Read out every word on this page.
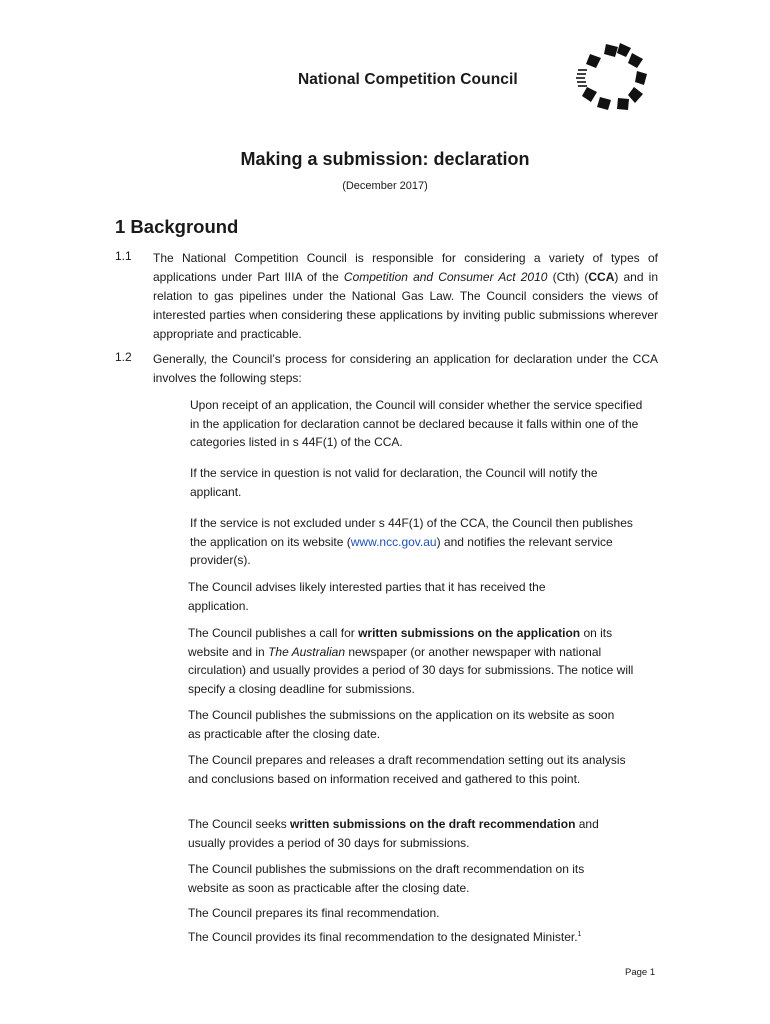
National Competition Council
Making a submission: declaration
(December 2017)
1 Background
1.1 The National Competition Council is responsible for considering a variety of types of applications under Part IIIA of the Competition and Consumer Act 2010 (Cth) (CCA) and in relation to gas pipelines under the National Gas Law. The Council considers the views of interested parties when considering these applications by inviting public submissions wherever appropriate and practicable.
1.2 Generally, the Council’s process for considering an application for declaration under the CCA involves the following steps:
Upon receipt of an application, the Council will consider whether the service specified in the application for declaration cannot be declared because it falls within one of the categories listed in s 44F(1) of the CCA.
If the service in question is not valid for declaration, the Council will notify the applicant.
If the service is not excluded under s 44F(1) of the CCA, the Council then publishes the application on its website (www.ncc.gov.au) and notifies the relevant service provider(s).
The Council advises likely interested parties that it has received the application.
The Council publishes a call for written submissions on the application on its website and in The Australian newspaper (or another newspaper with national circulation) and usually provides a period of 30 days for submissions. The notice will specify a closing deadline for submissions.
The Council publishes the submissions on the application on its website as soon as practicable after the closing date.
The Council prepares and releases a draft recommendation setting out its analysis and conclusions based on information received and gathered to this point.
The Council seeks written submissions on the draft recommendation and usually provides a period of 30 days for submissions.
The Council publishes the submissions on the draft recommendation on its website as soon as practicable after the closing date.
The Council prepares its final recommendation.
The Council provides its final recommendation to the designated Minister.$^1$
Page 1
